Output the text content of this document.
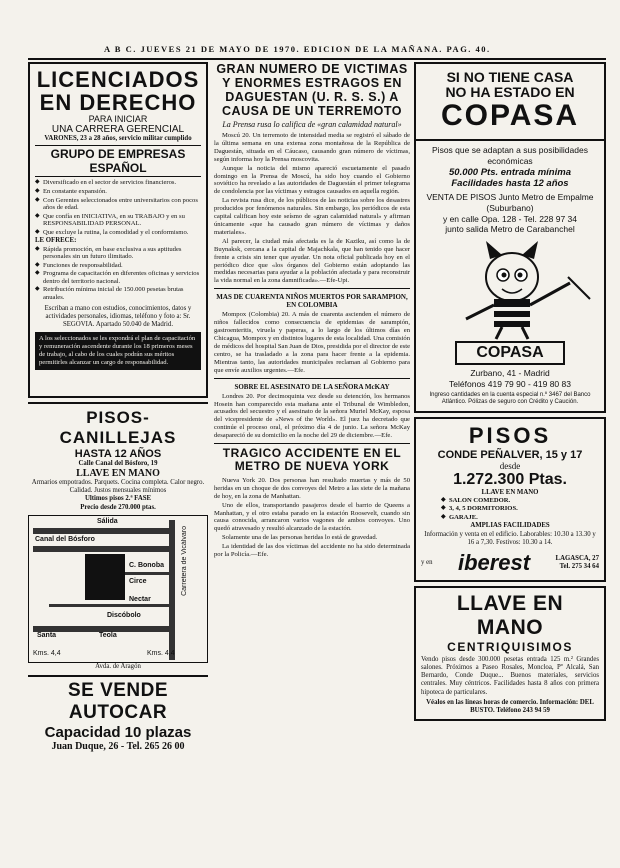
A B C. JUEVES 21 DE MAYO DE 1970. EDICION DE LA MAÑANA. PAG. 40.
LICENCIADOS
EN DERECHO
PARA INICIAR
UNA CARRERA GERENCIAL
VARONES, 23 a 28 años, servicio militar cumplido
GRUPO DE EMPRESAS ESPAÑOL
◆ Diversificado en el sector de servicios financieros.
◆ En constante expansión.
◆ Con Gerentes seleccionados entre universitarios con pocos años de edad.
◆ Que confía en INICIATIVA, en su TRABAJO y en su RESPONSABILIDAD PERSONAL.
◆ Que excluye la rutina, la comodidad y el conformismo.
LE OFRECE:
◆ Rápida promoción, en base exclusiva a sus aptitudes personales sin un futuro ilimitado.
◆ Funciones de responsabilidad.
◆ Programa de capacitación en diferentes oficinas y servicios dentro del territorio nacional.
◆ Retribución mínima inicial de 150.000 pesetas brutas anuales.
Escriban a mano con estudios, conocimientos, datos y actividades personales, idiomas, teléfono y foto a: Sr. SEGOVIA. Apartado 50.040 de Madrid.
A los seleccionados se les expondrá el plan de capacitación y remuneración ascendente durante los 18 primeros meses de trabajo, al cabo de los cuales podrán sus méritos permitirles alcanzar un cargo de responsabilidad.
PISOS-CANILLEJAS
HASTA 12 AÑOS
Calle Canal del Bósforo, 19
LLAVE EN MANO
Armarios empotrados. Parquets. Cocina completa. Calor negro. Calidad. Justos mensuales mínimos
Ultimos pisos 2.ª FASE
Precio desde 270.000 ptas.
Sálida
Canal del Bósforo
C. Bonoba
Circe
Nectar
Discóbolo
Santa	Teola
Carretera de Vicálvaro
Kms. 4,4	Kms. 4,4
Avda. de Aragón
SE VENDE AUTOCAR
Capacidad 10 plazas
Juan Duque, 26 - Tel. 265 26 00
GRAN NUMERO DE VICTIMAS Y ENORMES ESTRAGOS EN DAGUESTAN (U. R. S. S.) A CAUSA DE UN TERREMOTO
La Prensa rusa lo califica de «gran calamidad natural»

Moscú 20. Un terremoto de intensidad media se registró el sábado de la última semana en una extensa zona montañosa de la República de Daguestán, situada en el Cáucaso, causando gran número de víctimas, según informa hoy la Prensa moscovita.

Aunque la noticia del mismo apareció escuetamente el pasado domingo en la Prensa de Moscú, ha sido hoy cuando el Gobierno soviético ha revelado a las autoridades de Daguestán el primer telegrama de condolencia por las víctimas y estragos causados en aquella región.

La revista rusa dice, de los públicos de las noticias sobre los desastres producidos por fenómenos naturales. Sin embargo, los periódicos de esta capital califican hoy este seísmo de «gran calamidad natural» y afirman únicamente «que ha causado gran número de víctimas y daños materiales».

Al parecer, la ciudad más afectada es la de Kaziku, así como la de Buynaksk, cercana a la capital de Majachkala, que han tenido que hacer frente a crisis sin tener que ayudar. Un nota oficial publicada hoy en el periódico dice que «los órganos del Gobierno están adoptando las medidas necesarias para ayudar a la población afectada y para reconstruir la vida normal en la zona damnificada».—Efe-Upi.

MAS DE CUARENTA NIÑOS MUERTOS POR SARAMPION, EN COLOMBIA

Mompox (Colombia) 20. A más de cuarenta ascienden el número de niños fallecidos como consecuencia de epidemias de sarampión, gastroenteritis, viruela y paperas, a lo largo de los últimos días en Chicagua, Mompox y en distintos lugares de esta localidad. Una comisión de médicos del hospital San Juan de Dios, presidida por el director de este centro, se ha trasladado a la zona para hacer frente a la epidemia. Mientras tanto, las autoridades municipales reclaman al Gobierno para que envíe auxilios urgentes.—Efe.

SOBRE EL ASESINATO DE LA SEÑORA McKAY

Londres 20. Por decimoquinta vez desde su detención, los hermanos Hosein han comparecido esta mañana ante el Tribunal de Wimbledon, acusados del secuestro y el asesinato de la señora Muriel McKay, esposa del vicepresidente de «News of the World». El juez ha decretado que continúe el proceso oral, el próximo día 4 de junio. La señora McKay desapareció de su domicilio en la noche del 29 de diciembre.—Efe.

TRAGICO ACCIDENTE EN EL METRO DE NUEVA YORK

Nueva York 20. Dos personas han resultado muertas y más de 50 heridas en un choque de dos convoyes del Metro a las siete de la mañana de hoy, en la zona de Manhattan.

Uno de ellos, transportando pasajeros desde el barrio de Queens a Manhattan, y el otro estaba parado en la estación Roosevelt, cuando sin causa conocida, arrancaron varios vagones de ambos convoyes. Uno quedó atravesado y resultó alcanzado de la estación.

Solamente una de las personas heridas lo está de gravedad.

La identidad de las dos víctimas del accidente no ha sido determinada por la Policía.—Efe.

SI NO TIENE CASA
NO HA ESTADO EN
COPASA
Pisos que se adaptan a sus posibilidades económicas
50.000 Pts. entrada mínima
Facilidades hasta 12 años
VENTA DE PISOS Junto Metro de Empalme (Suburbano)
y en calle Opa. 128 - Tel. 228 97 34
junto salida Metro de Carabanchel
COPASA
Zurbano, 41 - Madrid
Teléfonos 419 79 90 - 419 80 83
Ingreso cantidades en la cuenta especial n.º 3467 del Banco Atlántico. Pólizas de seguro con Crédito y Caución.
PISOS
CONDE PEÑALVER, 15 y 17
desde
1.272.300 Ptas.
LLAVE EN MANO
◆ SALON COMEDOR.
◆ 3, 4, 5 DORMITORIOS.
◆ GARAJE.
AMPLIAS FACILIDADES
Información y venta en el edificio. Laborables: 10.30 a 13.30 y 16 a 7,30. Festivos: 10.30 a 14.
y en iberest	LAGASCA, 27
Tel. 275 34 64
LLAVE EN MANO
CENTRIQUISIMOS
Vendo pisos desde 300.000 pesetas entrada 125 m.² Grandes salones. Próximos a Paseo Rosales, Moncloa, Pº Alcalá, San Bernardo, Conde Duque... Buenos materiales, servicios centrales. Muy céntricos. Facilidades hasta 8 años con primera hipoteca de particulares.
Véalos en las líneas horas de comercio. Información: DEL BUSTO. Teléfono 243 94 59
